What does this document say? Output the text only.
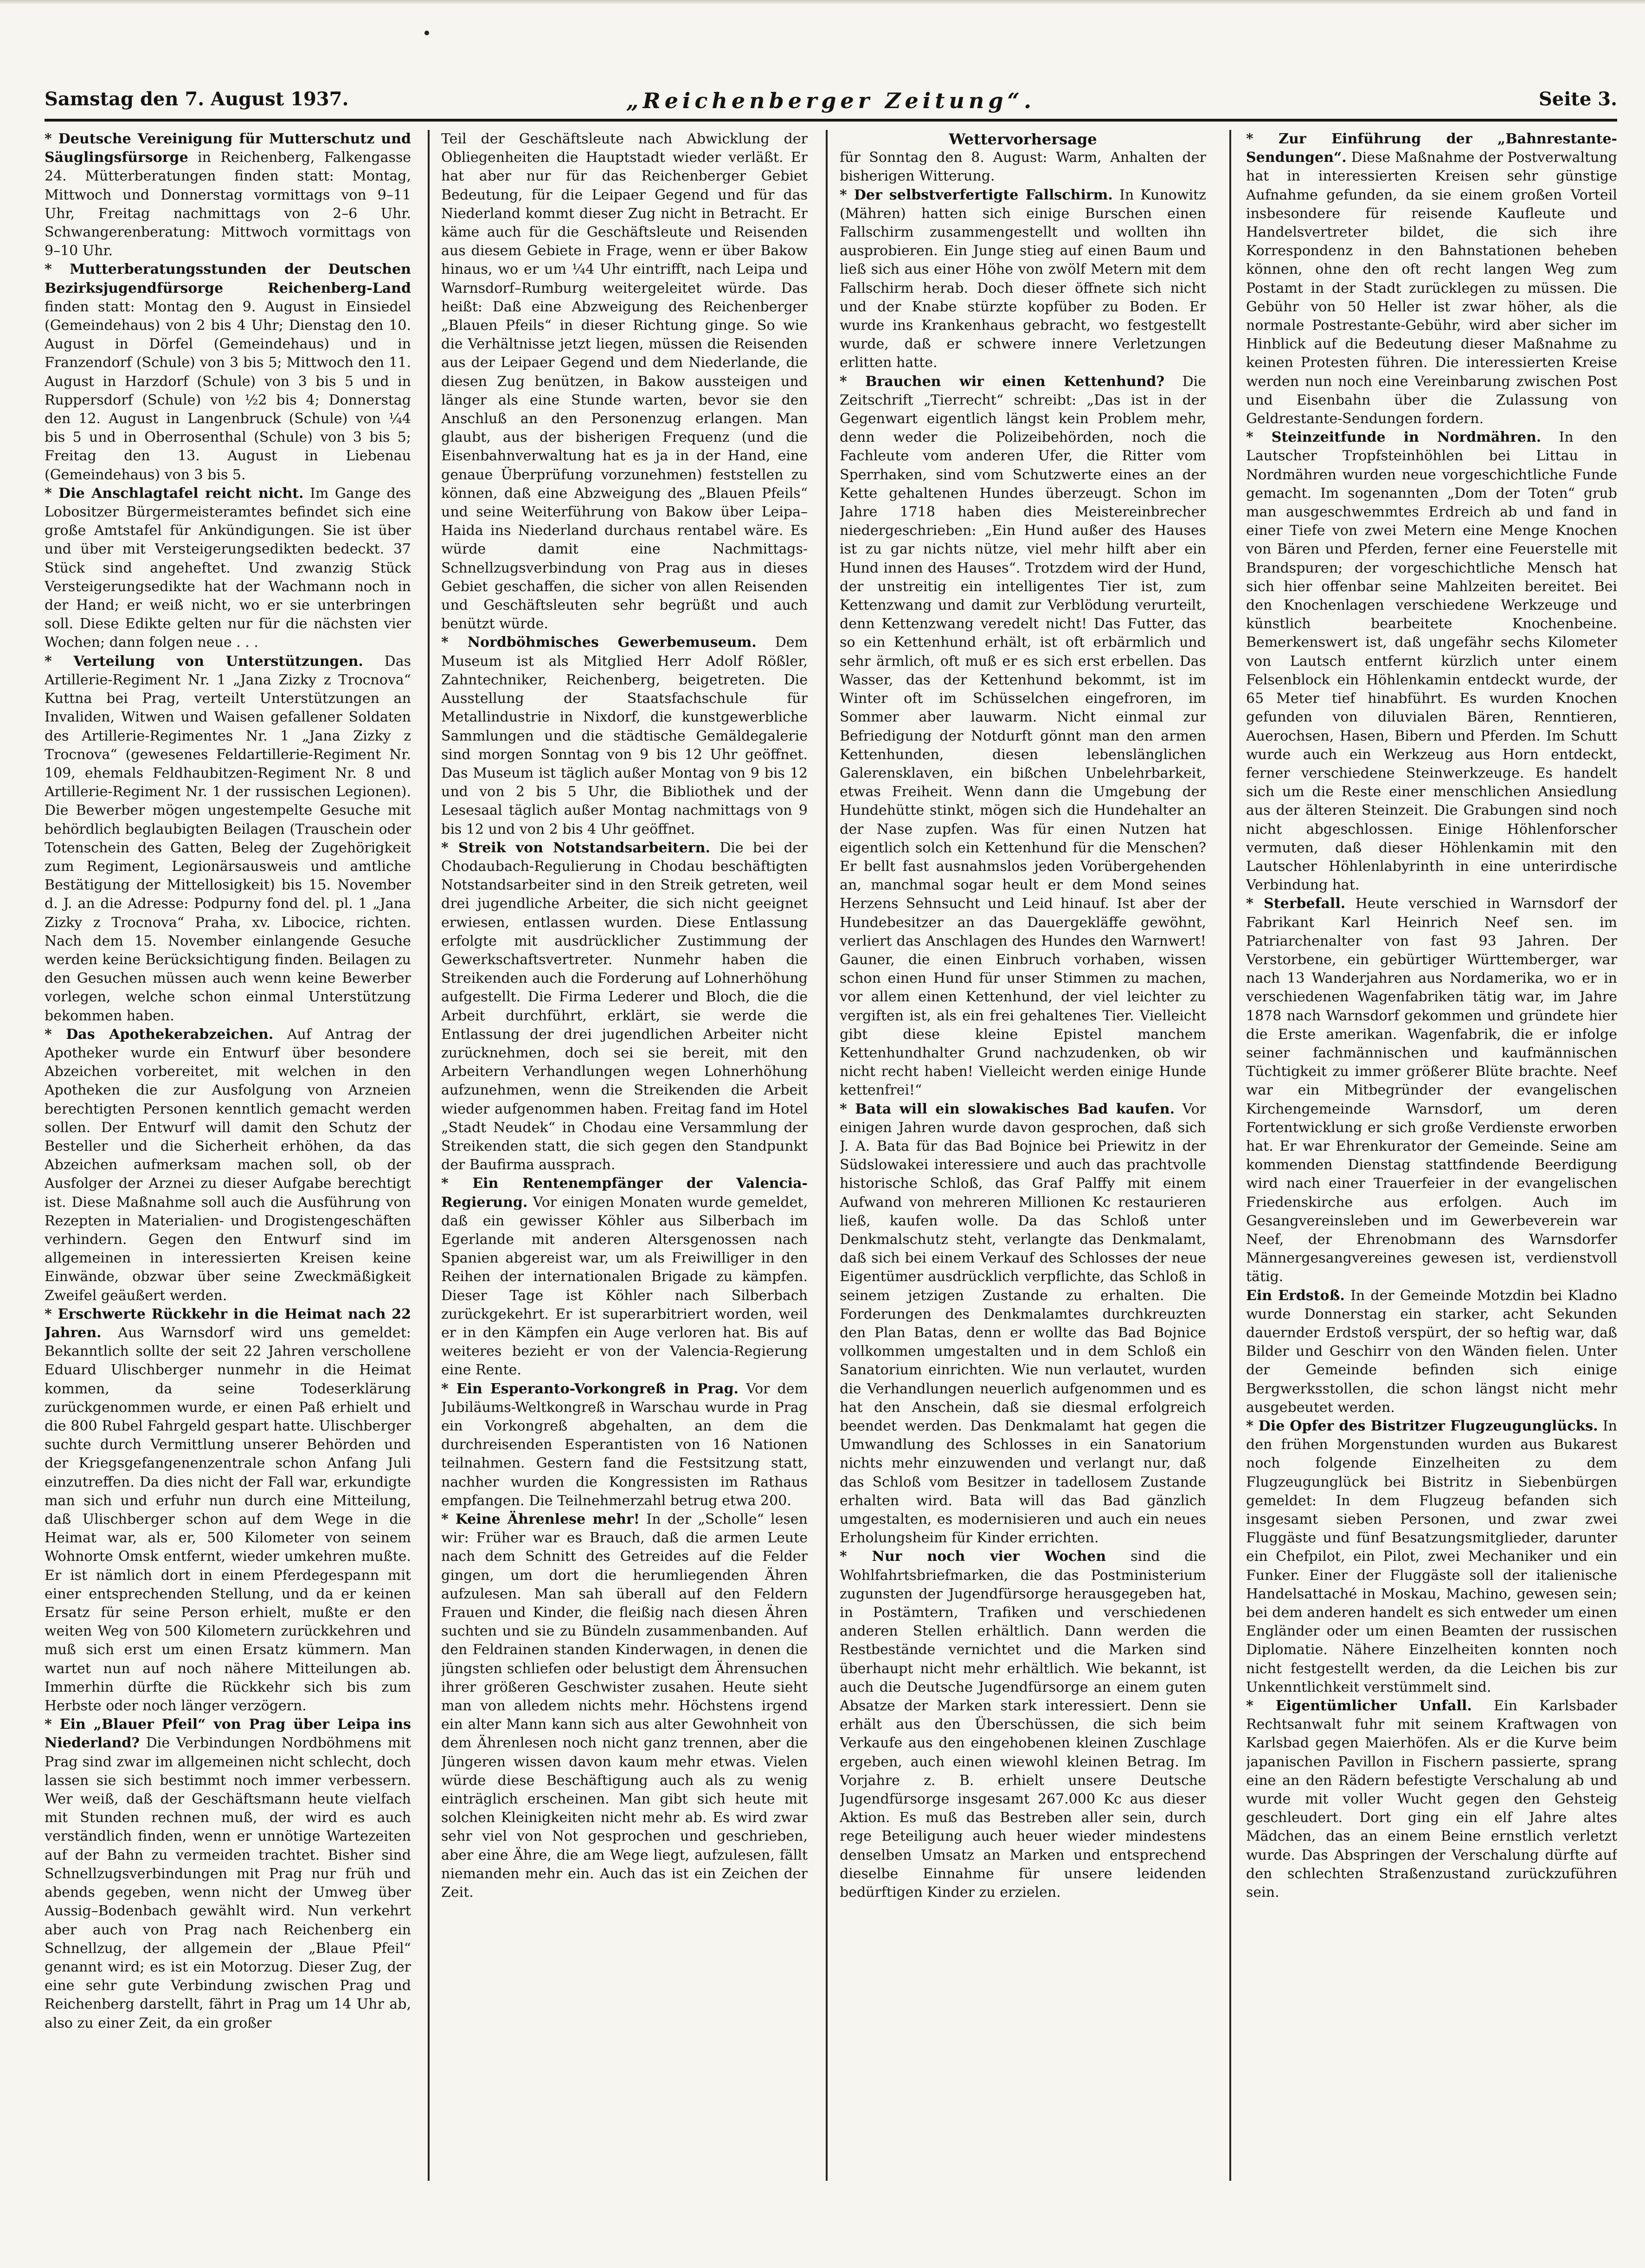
Samstag den 7. August 1937.	„Reichenberger Zeitung“.	Seite 3.

* Deutsche Vereinigung für Mutterschutz und Säuglingsfürsorge in Reichenberg, Falkengasse 24. Mütterberatungen finden statt: Montag, Mittwoch und Donnerstag vormittags von 9–11 Uhr, Freitag nachmittags von 2–6 Uhr. Schwangerenberatung: Mittwoch vormittags von 9–10 Uhr.

* Mutterberatungsstunden der Deutschen Bezirksjugendfürsorge Reichenberg-Land finden statt: Montag den 9. August in Einsiedel (Gemeindehaus) von 2 bis 4 Uhr; Dienstag den 10. August in Dörfel (Gemeindehaus) und in Franzendorf (Schule) von 3 bis 5; Mittwoch den 11. August in Harzdorf (Schule) von 3 bis 5 und in Ruppersdorf (Schule) von ½2 bis 4; Donnerstag den 12. August in Langenbruck (Schule) von ¼4 bis 5 und in Oberrosenthal (Schule) von 3 bis 5; Freitag den 13. August in Liebenau (Gemeindehaus) von 3 bis 5.

* Die Anschlagtafel reicht nicht. Im Gange des Lobositzer Bürgermeisteramtes befindet sich eine große Amtstafel für Ankündigungen. Sie ist über und über mit Versteigerungsedikten bedeckt. 37 Stück sind angeheftet. Und zwanzig Stück Versteigerungsedikte hat der Wachmann noch in der Hand; er weiß nicht, wo er sie unterbringen soll. Diese Edikte gelten nur für die nächsten vier Wochen; dann folgen neue . . .

* Verteilung von Unterstützungen. Das Artillerie-Regiment Nr. 1 „Jana Zizky z Trocnova“ Kuttna bei Prag, verteilt Unterstützungen an Invaliden, Witwen und Waisen gefallener Soldaten des Artillerie-Regimentes Nr. 1 „Jana Zizky z Trocnova“ (gewesenes Feldartillerie-Regiment Nr. 109, ehemals Feldhaubitzen-Regiment Nr. 8 und Artillerie-Regiment Nr. 1 der russischen Legionen). Die Bewerber mögen ungestempelte Gesuche mit behördlich beglaubigten Beilagen (Trauschein oder Totenschein des Gatten, Beleg der Zugehörigkeit zum Regiment, Legionärsausweis und amtliche Bestätigung der Mittellosigkeit) bis 15. November d. J. an die Adresse: Podpurny fond del. pl. 1 „Jana Zizky z Trocnova“ Praha, xv. Libocice, richten. Nach dem 15. November einlangende Gesuche werden keine Berücksichtigung finden. Beilagen zu den Gesuchen müssen auch wenn keine Bewerber vorlegen, welche schon einmal Unterstützung bekommen haben.

* Das Apothekerabzeichen. Auf Antrag der Apotheker wurde ein Entwurf über besondere Abzeichen vorbereitet, mit welchen in den Apotheken die zur Ausfolgung von Arzneien berechtigten Personen kenntlich gemacht werden sollen. Der Entwurf will damit den Schutz der Besteller und die Sicherheit erhöhen, da das Abzeichen aufmerksam machen soll, ob der Ausfolger der Arznei zu dieser Aufgabe berechtigt ist. Diese Maßnahme soll auch die Ausführung von Rezepten in Materialien- und Drogistengeschäften verhindern. Gegen den Entwurf sind im allgemeinen in interessierten Kreisen keine Einwände, obzwar über seine Zweckmäßigkeit Zweifel geäußert werden.

* Erschwerte Rückkehr in die Heimat nach 22 Jahren. Aus Warnsdorf wird uns gemeldet: Bekanntlich sollte der seit 22 Jahren verschollene Eduard Ulischberger nunmehr in die Heimat kommen, da seine Todeserklärung zurückgenommen wurde, er einen Paß erhielt und die 800 Rubel Fahrgeld gespart hatte. Ulischberger suchte durch Vermittlung unserer Behörden und der Kriegsgefangenenzentrale schon Anfang Juli einzutreffen. Da dies nicht der Fall war, erkundigte man sich und erfuhr nun durch eine Mitteilung, daß Ulischberger schon auf dem Wege in die Heimat war, als er, 500 Kilometer von seinem Wohnorte Omsk entfernt, wieder umkehren mußte. Er ist nämlich dort in einem Pferdegespann mit einer entsprechenden Stellung, und da er keinen Ersatz für seine Person erhielt, mußte er den weiten Weg von 500 Kilometern zurückkehren und muß sich erst um einen Ersatz kümmern. Man wartet nun auf noch nähere Mitteilungen ab. Immerhin dürfte die Rückkehr sich bis zum Herbste oder noch länger verzögern.

* Ein „Blauer Pfeil“ von Prag über Leipa ins Niederland? Die Verbindungen Nordböhmens mit Prag sind zwar im allgemeinen nicht schlecht, doch lassen sie sich bestimmt noch immer verbessern. Wer weiß, daß der Geschäftsmann heute vielfach mit Stunden rechnen muß, der wird es auch verständlich finden, wenn er unnötige Wartezeiten auf der Bahn zu vermeiden trachtet. Bisher sind Schnellzugsverbindungen mit Prag nur früh und abends gegeben, wenn nicht der Umweg über Aussig–Bodenbach gewählt wird. Nun verkehrt aber auch von Prag nach Reichenberg ein Schnellzug, der allgemein der „Blaue Pfeil“ genannt wird; es ist ein Motorzug. Dieser Zug, der eine sehr gute Verbindung zwischen Prag und Reichenberg darstellt, fährt in Prag um 14 Uhr ab, also zu einer Zeit, da ein großer

Teil der Geschäftsleute nach Abwicklung der Obliegenheiten die Hauptstadt wieder verläßt. Er hat aber nur für das Reichenberger Gebiet Bedeutung, für die Leipaer Gegend und für das Niederland kommt dieser Zug nicht in Betracht. Er käme auch für die Geschäftsleute und Reisenden aus diesem Gebiete in Frage, wenn er über Bakow hinaus, wo er um ¼4 Uhr eintrifft, nach Leipa und Warnsdorf–Rumburg weitergeleitet würde. Das heißt: Daß eine Abzweigung des Reichenberger „Blauen Pfeils“ in dieser Richtung ginge. So wie die Verhältnisse jetzt liegen, müssen die Reisenden aus der Leipaer Gegend und dem Niederlande, die diesen Zug benützen, in Bakow aussteigen und länger als eine Stunde warten, bevor sie den Anschluß an den Personenzug erlangen. Man glaubt, aus der bisherigen Frequenz (und die Eisenbahnverwaltung hat es ja in der Hand, eine genaue Überprüfung vorzunehmen) feststellen zu können, daß eine Abzweigung des „Blauen Pfeils“ und seine Weiterführung von Bakow über Leipa–Haida ins Niederland durchaus rentabel wäre. Es würde damit eine Nachmittags-Schnellzugsverbindung von Prag aus in dieses Gebiet geschaffen, die sicher von allen Reisenden und Geschäftsleuten sehr begrüßt und auch benützt würde.

* Nordböhmisches Gewerbemuseum. Dem Museum ist als Mitglied Herr Adolf Rößler, Zahntechniker, Reichenberg, beigetreten. Die Ausstellung der Staatsfachschule für Metallindustrie in Nixdorf, die kunstgewerbliche Sammlungen und die städtische Gemäldegalerie sind morgen Sonntag von 9 bis 12 Uhr geöffnet. Das Museum ist täglich außer Montag von 9 bis 12 und von 2 bis 5 Uhr, die Bibliothek und der Lesesaal täglich außer Montag nachmittags von 9 bis 12 und von 2 bis 4 Uhr geöffnet.

* Streik von Notstandsarbeitern. Die bei der Chodaubach-Regulierung in Chodau beschäftigten Notstandsarbeiter sind in den Streik getreten, weil drei jugendliche Arbeiter, die sich nicht geeignet erwiesen, entlassen wurden. Diese Entlassung erfolgte mit ausdrücklicher Zustimmung der Gewerkschaftsvertreter. Nunmehr haben die Streikenden auch die Forderung auf Lohnerhöhung aufgestellt. Die Firma Lederer und Bloch, die die Arbeit durchführt, erklärt, sie werde die Entlassung der drei jugendlichen Arbeiter nicht zurücknehmen, doch sei sie bereit, mit den Arbeitern Verhandlungen wegen Lohnerhöhung aufzunehmen, wenn die Streikenden die Arbeit wieder aufgenommen haben. Freitag fand im Hotel „Stadt Neudek“ in Chodau eine Versammlung der Streikenden statt, die sich gegen den Standpunkt der Baufirma aussprach.

* Ein Rentenempfänger der Valencia-Regierung. Vor einigen Monaten wurde gemeldet, daß ein gewisser Köhler aus Silberbach im Egerlande mit anderen Altersgenossen nach Spanien abgereist war, um als Freiwilliger in den Reihen der internationalen Brigade zu kämpfen. Dieser Tage ist Köhler nach Silberbach zurückgekehrt. Er ist superarbitriert worden, weil er in den Kämpfen ein Auge verloren hat. Bis auf weiteres bezieht er von der Valencia-Regierung eine Rente.

* Ein Esperanto-Vorkongreß in Prag. Vor dem Jubiläums-Weltkongreß in Warschau wurde in Prag ein Vorkongreß abgehalten, an dem die durchreisenden Esperantisten von 16 Nationen teilnahmen. Gestern fand die Festsitzung statt, nachher wurden die Kongressisten im Rathaus empfangen. Die Teilnehmerzahl betrug etwa 200.

* Keine Ährenlese mehr! In der „Scholle“ lesen wir: Früher war es Brauch, daß die armen Leute nach dem Schnitt des Getreides auf die Felder gingen, um dort die herumliegenden Ähren aufzulesen. Man sah überall auf den Feldern Frauen und Kinder, die fleißig nach diesen Ähren suchten und sie zu Bündeln zusammenbanden. Auf den Feldrainen standen Kinderwagen, in denen die jüngsten schliefen oder belustigt dem Ährensuchen ihrer größeren Geschwister zusahen. Heute sieht man von alledem nichts mehr. Höchstens irgend ein alter Mann kann sich aus alter Gewohnheit von dem Ährenlesen noch nicht ganz trennen, aber die Jüngeren wissen davon kaum mehr etwas. Vielen würde diese Beschäftigung auch als zu wenig einträglich erscheinen. Man gibt sich heute mit solchen Kleinigkeiten nicht mehr ab. Es wird zwar sehr viel von Not gesprochen und geschrieben, aber eine Ähre, die am Wege liegt, aufzulesen, fällt niemanden mehr ein. Auch das ist ein Zeichen der Zeit.

Wettervorhersage

für Sonntag den 8. August: Warm, Anhalten der bisherigen Witterung.

* Der selbstverfertigte Fallschirm. In Kunowitz (Mähren) hatten sich einige Burschen einen Fallschirm zusammengestellt und wollten ihn ausprobieren. Ein Junge stieg auf einen Baum und ließ sich aus einer Höhe von zwölf Metern mit dem Fallschirm herab. Doch dieser öffnete sich nicht und der Knabe stürzte kopfüber zu Boden. Er wurde ins Krankenhaus gebracht, wo festgestellt wurde, daß er schwere innere Verletzungen erlitten hatte.

* Brauchen wir einen Kettenhund? Die Zeitschrift „Tierrecht“ schreibt: „Das ist in der Gegenwart eigentlich längst kein Problem mehr, denn weder die Polizeibehörden, noch die Fachleute vom anderen Ufer, die Ritter vom Sperrhaken, sind vom Schutzwerte eines an der Kette gehaltenen Hundes überzeugt. Schon im Jahre 1718 haben dies Meistereinbrecher niedergeschrieben: „Ein Hund außer des Hauses ist zu gar nichts nütze, viel mehr hilft aber ein Hund innen des Hauses“. Trotzdem wird der Hund, der unstreitig ein intelligentes Tier ist, zum Kettenzwang und damit zur Verblödung verurteilt, denn Kettenzwang veredelt nicht! Das Futter, das so ein Kettenhund erhält, ist oft erbärmlich und sehr ärmlich, oft muß er es sich erst erbellen. Das Wasser, das der Kettenhund bekommt, ist im Winter oft im Schüsselchen eingefroren, im Sommer aber lauwarm. Nicht einmal zur Befriedigung der Notdurft gönnt man den armen Kettenhunden, diesen lebenslänglichen Galerensklaven, ein bißchen Unbelehrbarkeit, etwas Freiheit. Wenn dann die Umgebung der Hundehütte stinkt, mögen sich die Hundehalter an der Nase zupfen. Was für einen Nutzen hat eigentlich solch ein Kettenhund für die Menschen? Er bellt fast ausnahmslos jeden Vorübergehenden an, manchmal sogar heult er dem Mond seines Herzens Sehnsucht und Leid hinauf. Ist aber der Hundebesitzer an das Dauergekläffe gewöhnt, verliert das Anschlagen des Hundes den Warnwert! Gauner, die einen Einbruch vorhaben, wissen schon einen Hund für unser Stimmen zu machen, vor allem einen Kettenhund, der viel leichter zu vergiften ist, als ein frei gehaltenes Tier. Vielleicht gibt diese kleine Epistel manchem Kettenhundhalter Grund nachzudenken, ob wir nicht recht haben! Vielleicht werden einige Hunde kettenfrei!“

* Bata will ein slowakisches Bad kaufen. Vor einigen Jahren wurde davon gesprochen, daß sich J. A. Bata für das Bad Bojnice bei Priewitz in der Südslowakei interessiere und auch das prachtvolle historische Schloß, das Graf Palffy mit einem Aufwand von mehreren Millionen Kc restaurieren ließ, kaufen wolle. Da das Schloß unter Denkmalschutz steht, verlangte das Denkmalamt, daß sich bei einem Verkauf des Schlosses der neue Eigentümer ausdrücklich verpflichte, das Schloß in seinem jetzigen Zustande zu erhalten. Die Forderungen des Denkmalamtes durchkreuzten den Plan Batas, denn er wollte das Bad Bojnice vollkommen umgestalten und in dem Schloß ein Sanatorium einrichten. Wie nun verlautet, wurden die Verhandlungen neuerlich aufgenommen und es hat den Anschein, daß sie diesmal erfolgreich beendet werden. Das Denkmalamt hat gegen die Umwandlung des Schlosses in ein Sanatorium nichts mehr einzuwenden und verlangt nur, daß das Schloß vom Besitzer in tadellosem Zustande erhalten wird. Bata will das Bad gänzlich umgestalten, es modernisieren und auch ein neues Erholungsheim für Kinder errichten.

* Nur noch vier Wochen sind die Wohlfahrtsbriefmarken, die das Postministerium zugunsten der Jugendfürsorge herausgegeben hat, in Postämtern, Trafiken und verschiedenen anderen Stellen erhältlich. Dann werden die Restbestände vernichtet und die Marken sind überhaupt nicht mehr erhältlich. Wie bekannt, ist auch die Deutsche Jugendfürsorge an einem guten Absatze der Marken stark interessiert. Denn sie erhält aus den Überschüssen, die sich beim Verkaufe aus den eingehobenen kleinen Zuschlage ergeben, auch einen wiewohl kleinen Betrag. Im Vorjahre z. B. erhielt unsere Deutsche Jugendfürsorge insgesamt 267.000 Kc aus dieser Aktion. Es muß das Bestreben aller sein, durch rege Beteiligung auch heuer wieder mindestens denselben Umsatz an Marken und entsprechend dieselbe Einnahme für unsere leidenden bedürftigen Kinder zu erzielen.

* Zur Einführung der „Bahnrestante-Sendungen“. Diese Maßnahme der Postverwaltung hat in interessierten Kreisen sehr günstige Aufnahme gefunden, da sie einem großen Vorteil insbesondere für reisende Kaufleute und Handelsvertreter bildet, die sich ihre Korrespondenz in den Bahnstationen beheben können, ohne den oft recht langen Weg zum Postamt in der Stadt zurücklegen zu müssen. Die Gebühr von 50 Heller ist zwar höher, als die normale Postrestante-Gebühr, wird aber sicher im Hinblick auf die Bedeutung dieser Maßnahme zu keinen Protesten führen. Die interessierten Kreise werden nun noch eine Vereinbarung zwischen Post und Eisenbahn über die Zulassung von Geldrestante-Sendungen fordern.

* Steinzeitfunde in Nordmähren. In den Lautscher Tropfsteinhöhlen bei Littau in Nordmähren wurden neue vorgeschichtliche Funde gemacht. Im sogenannten „Dom der Toten“ grub man ausgeschwemmtes Erdreich ab und fand in einer Tiefe von zwei Metern eine Menge Knochen von Bären und Pferden, ferner eine Feuerstelle mit Brandspuren; der vorgeschichtliche Mensch hat sich hier offenbar seine Mahlzeiten bereitet. Bei den Knochenlagen verschiedene Werkzeuge und künstlich bearbeitete Knochenbeine. Bemerkenswert ist, daß ungefähr sechs Kilometer von Lautsch entfernt kürzlich unter einem Felsenblock ein Höhlenkamin entdeckt wurde, der 65 Meter tief hinabführt. Es wurden Knochen gefunden von diluvialen Bären, Renntieren, Auerochsen, Hasen, Bibern und Pferden. Im Schutt wurde auch ein Werkzeug aus Horn entdeckt, ferner verschiedene Steinwerkzeuge. Es handelt sich um die Reste einer menschlichen Ansiedlung aus der älteren Steinzeit. Die Grabungen sind noch nicht abgeschlossen. Einige Höhlenforscher vermuten, daß dieser Höhlenkamin mit den Lautscher Höhlenlabyrinth in eine unterirdische Verbindung hat.

* Sterbefall. Heute verschied in Warnsdorf der Fabrikant Karl Heinrich Neef sen. im Patriarchenalter von fast 93 Jahren. Der Verstorbene, ein gebürtiger Württemberger, war nach 13 Wanderjahren aus Nordamerika, wo er in verschiedenen Wagenfabriken tätig war, im Jahre 1878 nach Warnsdorf gekommen und gründete hier die Erste amerikan. Wagenfabrik, die er infolge seiner fachmännischen und kaufmännischen Tüchtigkeit zu immer größerer Blüte brachte. Neef war ein Mitbegründer der evangelischen Kirchengemeinde Warnsdorf, um deren Fortentwicklung er sich große Verdienste erworben hat. Er war Ehrenkurator der Gemeinde. Seine am kommenden Dienstag stattfindende Beerdigung wird nach einer Trauerfeier in der evangelischen Friedenskirche aus erfolgen. Auch im Gesangvereinsleben und im Gewerbeverein war Neef, der Ehrenobmann des Warnsdorfer Männergesangvereines gewesen ist, verdienstvoll tätig.

Ein Erdstoß. In der Gemeinde Motzdin bei Kladno wurde Donnerstag ein starker, acht Sekunden dauernder Erdstoß verspürt, der so heftig war, daß Bilder und Geschirr von den Wänden fielen. Unter der Gemeinde befinden sich einige Bergwerksstollen, die schon längst nicht mehr ausgebeutet werden.

* Die Opfer des Bistritzer Flugzeugunglücks. In den frühen Morgenstunden wurden aus Bukarest noch folgende Einzelheiten zu dem Flugzeugunglück bei Bistritz in Siebenbürgen gemeldet: In dem Flugzeug befanden sich insgesamt sieben Personen, und zwar zwei Fluggäste und fünf Besatzungsmitglieder, darunter ein Chefpilot, ein Pilot, zwei Mechaniker und ein Funker. Einer der Fluggäste soll der italienische Handelsattaché in Moskau, Machino, gewesen sein; bei dem anderen handelt es sich entweder um einen Engländer oder um einen Beamten der russischen Diplomatie. Nähere Einzelheiten konnten noch nicht festgestellt werden, da die Leichen bis zur Unkenntlichkeit verstümmelt sind.

* Eigentümlicher Unfall. Ein Karlsbader Rechtsanwalt fuhr mit seinem Kraftwagen von Karlsbad gegen Maierhöfen. Als er die Kurve beim japanischen Pavillon in Fischern passierte, sprang eine an den Rädern befestigte Verschalung ab und wurde mit voller Wucht gegen den Gehsteig geschleudert. Dort ging ein elf Jahre altes Mädchen, das an einem Beine ernstlich verletzt wurde. Das Abspringen der Verschalung dürfte auf den schlechten Straßenzustand zurückzuführen sein.
